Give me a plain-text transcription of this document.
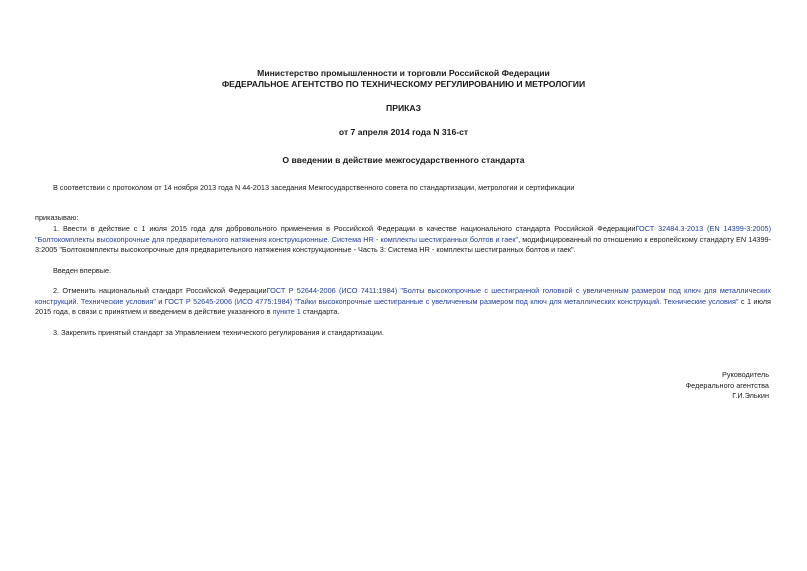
Министерство промышленности и торговли Российской Федерации
ФЕДЕРАЛЬНОЕ АГЕНТСТВО ПО ТЕХНИЧЕСКОМУ РЕГУЛИРОВАНИЮ И МЕТРОЛОГИИ
ПРИКАЗ
от 7 апреля 2014 года N 316-ст
О введении в действие межгосударственного стандарта
В соответствии с протоколом от 14 ноября 2013 года N 44-2013 заседания Межгосударственного совета по стандартизации, метрологии и сертификации
приказываю:
1. Ввести в действие с 1 июля 2015 года для добровольного применения в Российской Федерации в качестве национального стандарта Российской ФедерацииГОСТ 32484.3-2013 (EN 14399-3:2005) "Болтокомплекты высокопрочные для предварительного натяжения конструкционные. Система HR - комплекты шестигранных болтов и гаек", модифицированный по отношению к европейскому стандарту EN 14399-3:2005 "Болтокомплекты высокопрочные для предварительного натяжения конструкционные - Часть 3: Система HR - комплекты шестигранных болтов и гаек".
Введен впервые.
2. Отменить национальный стандарт Российской ФедерацииГОСТ Р 52644-2006 (ИСО 7411:1984) "Болты высокопрочные с шестигранной головкой с увеличенным размером под ключ для металлических конструкций. Технические условия" и ГОСТ Р 52645-2006 (ИСО 4775:1984) "Гайки высокопрочные шестигранные с увеличенным размером под ключ для металлических конструкций. Технические условия" с 1 июля 2015 года, в связи с принятием и введением в действие указанного в пункте 1 стандарта.
3. Закрепить принятый стандарт за Управлением технического регулирования и стандартизации.
Руководитель
Федерального агентства
Г.И.Элькин
